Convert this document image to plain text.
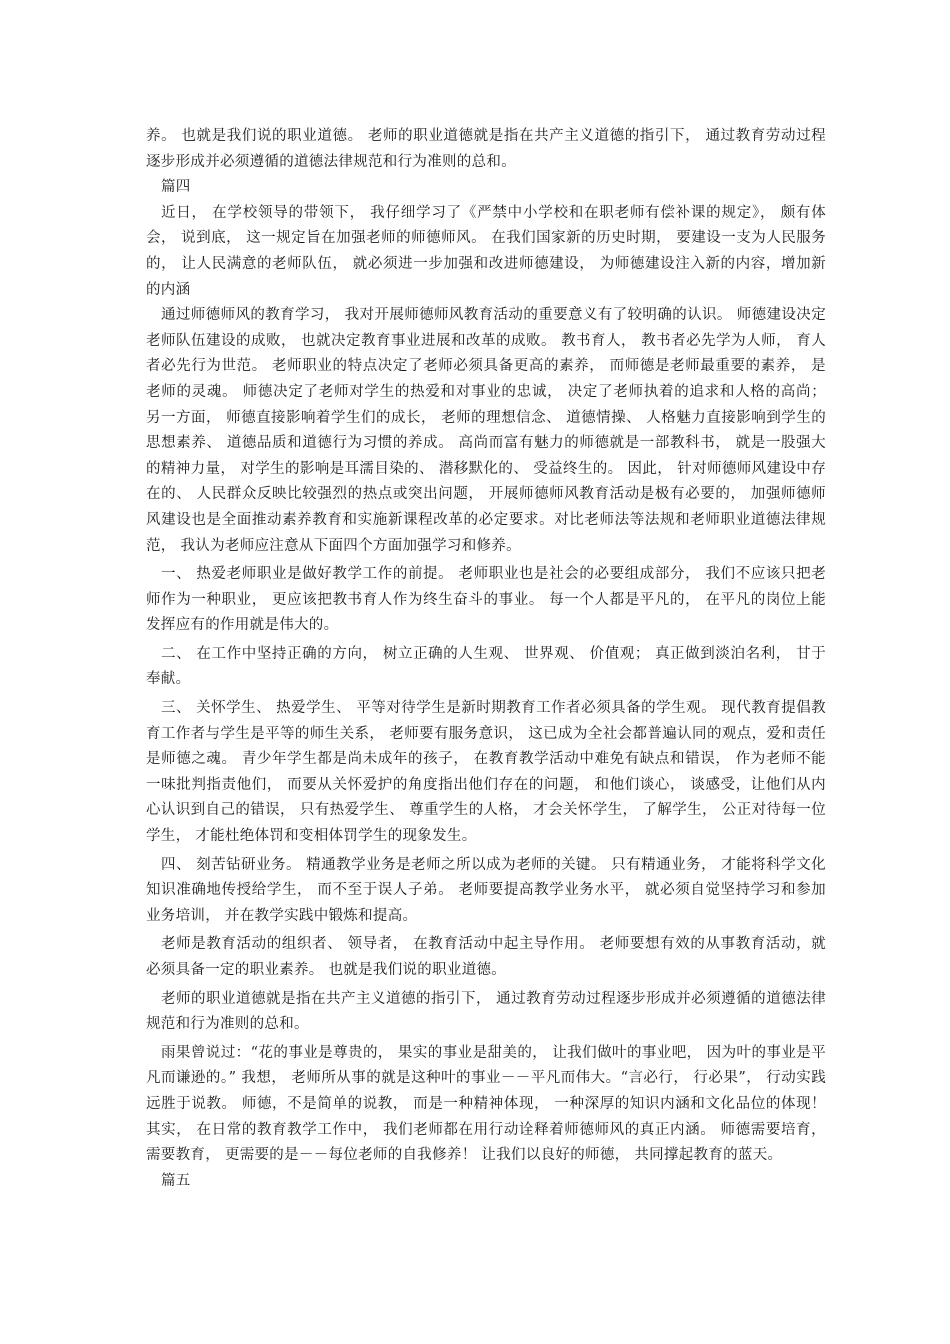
养。 也就是我们说的职业道德。 老师的职业道德就是指在共产主义道德的指引下， 通过教育劳动过程逐步形成并必须遵循的道德法律规范和行为准则的总和。

篇四

近日， 在学校领导的带领下， 我仔细学习了《严禁中小学校和在职老师有偿补课的规定》， 颇有体会， 说到底， 这一规定旨在加强老师的师德师风。 在我们国家新的历史时期， 要建设一支为人民服务的， 让人民满意的老师队伍， 就必须进一步加强和改进师德建设， 为师德建设注入新的内容，增加新的内涵

通过师德师风的教育学习， 我对开展师德师风教育活动的重要意义有了较明确的认识。 师德建设决定老师队伍建设的成败， 也就决定教育事业进展和改革的成败。 教书育人， 教书者必先学为人师， 育人者必先行为世范。 老师职业的特点决定了老师必须具备更高的素养， 而师德是老师最重要的素养， 是老师的灵魂。 师德决定了老师对学生的热爱和对事业的忠诚， 决定了老师执着的追求和人格的高尚； 另一方面， 师德直接影响着学生们的成长， 老师的理想信念、 道德情操、 人格魅力直接影响到学生的思想素养、 道德品质和道德行为习惯的养成。 高尚而富有魅力的师德就是一部教科书， 就是一股强大的精神力量， 对学生的影响是耳濡目染的、 潜移默化的、 受益终生的。 因此， 针对师德师风建设中存在的、 人民群众反映比较强烈的热点或突出问题， 开展师德师风教育活动是极有必要的， 加强师德师风建设也是全面推动素养教育和实施新课程改革的必定要求。对比老师法等法规和老师职业道德法律规范， 我认为老师应注意从下面四个方面加强学习和修养。

一、 热爱老师职业是做好教学工作的前提。 老师职业也是社会的必要组成部分， 我们不应该只把老师作为一种职业， 更应该把教书育人作为终生奋斗的事业。 每一个人都是平凡的， 在平凡的岗位上能发挥应有的作用就是伟大的。

二、 在工作中坚持正确的方向， 树立正确的人生观、 世界观、 价值观； 真正做到淡泊名利， 甘于奉献。

三、 关怀学生、 热爱学生、 平等对待学生是新时期教育工作者必须具备的学生观。 现代教育提倡教育工作者与学生是平等的师生关系， 老师要有服务意识， 这已成为全社会都普遍认同的观点，爱和责任是师德之魂。 青少年学生都是尚未成年的孩子， 在教育教学活动中难免有缺点和错误， 作为老师不能一味批判指责他们， 而要从关怀爱护的角度指出他们存在的问题， 和他们谈心， 谈感受，让他们从内心认识到自己的错误， 只有热爱学生、 尊重学生的人格， 才会关怀学生， 了解学生， 公正对待每一位学生， 才能杜绝体罚和变相体罚学生的现象发生。

四、 刻苦钻研业务。 精通教学业务是老师之所以成为老师的关键。 只有精通业务， 才能将科学文化知识准确地传授给学生， 而不至于误人子弟。 老师要提高教学业务水平， 就必须自觉坚持学习和参加业务培训， 并在教学实践中锻炼和提高。

老师是教育活动的组织者、 领导者， 在教育活动中起主导作用。 老师要想有效的从事教育活动，就必须具备一定的职业素养。 也就是我们说的职业道德。

老师的职业道德就是指在共产主义道德的指引下， 通过教育劳动过程逐步形成并必须遵循的道德法律规范和行为准则的总和。

雨果曾说过：“花的事业是尊贵的， 果实的事业是甜美的， 让我们做叶的事业吧， 因为叶的事业是平凡而谦逊的。” 我想， 老师所从事的就是这种叶的事业－－平凡而伟大。“言必行， 行必果”， 行动实践远胜于说教。 师德，不是简单的说教， 而是一种精神体现， 一种深厚的知识内涵和文化品位的体现！ 其实， 在日常的教育教学工作中， 我们老师都在用行动诠释着师德师风的真正内涵。 师德需要培育， 需要教育， 更需要的是－－每位老师的自我修养！ 让我们以良好的师德， 共同撑起教育的蓝天。

篇五
